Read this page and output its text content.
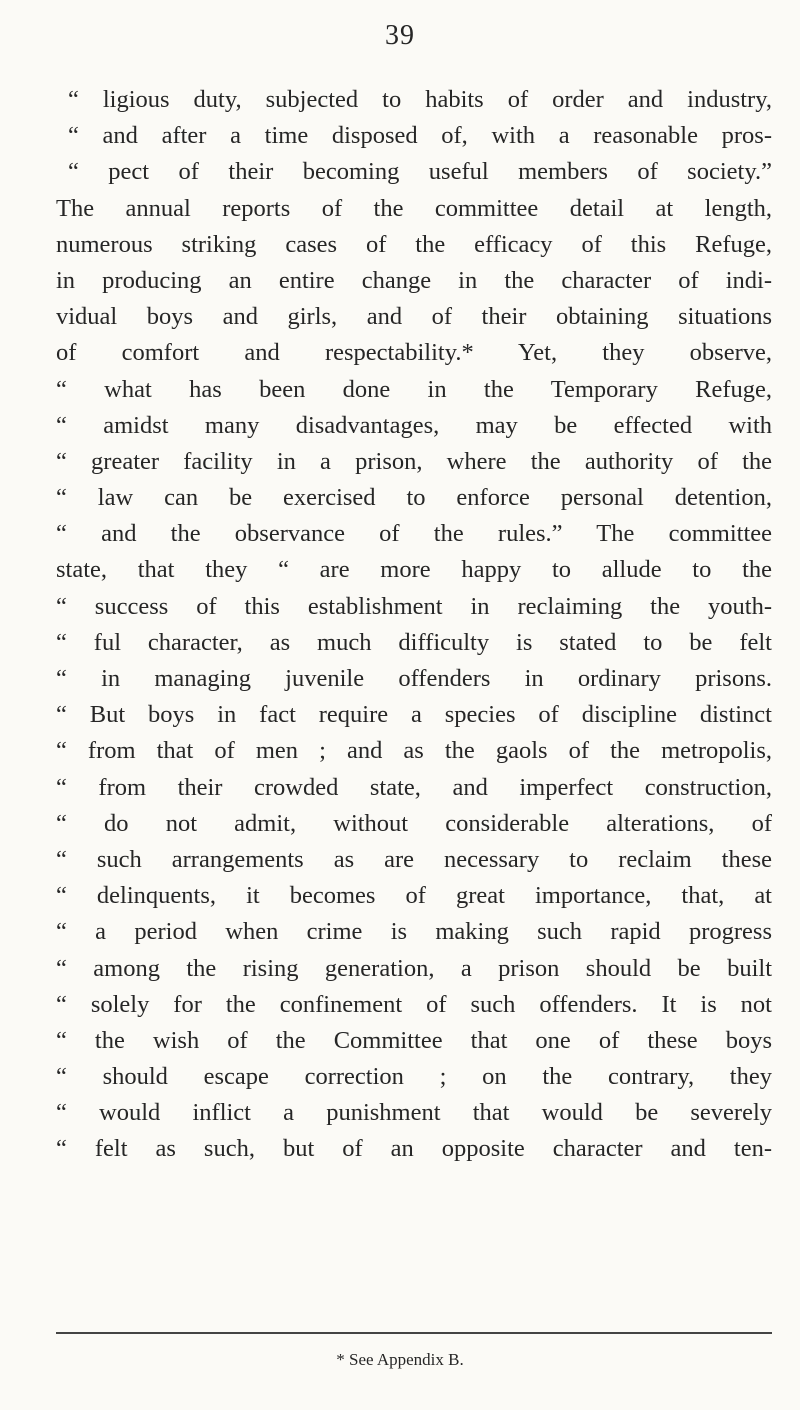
39
“ ligious duty, subjected to habits of order and industry,
“ and after a time disposed of, with a reasonable pros-
“ pect of their becoming useful members of society.”
The annual reports of the committee detail at length,
numerous striking cases of the efficacy of this Refuge,
in producing an entire change in the character of indi-
vidual boys and girls, and of their obtaining situations
of comfort and respectability.* Yet, they observe,
“ what has been done in the Temporary Refuge,
“ amidst many disadvantages, may be effected with
“ greater facility in a prison, where the authority of the
“ law can be exercised to enforce personal detention,
“ and the observance of the rules.” The committee
state, that they “ are more happy to allude to the
“ success of this establishment in reclaiming the youth-
“ ful character, as much difficulty is stated to be felt
“ in managing juvenile offenders in ordinary prisons.
“ But boys in fact require a species of discipline distinct
“ from that of men ; and as the gaols of the metropolis,
“ from their crowded state, and imperfect construction,
“ do not admit, without considerable alterations, of
“ such arrangements as are necessary to reclaim these
“ delinquents, it becomes of great importance, that, at
“ a period when crime is making such rapid progress
“ among the rising generation, a prison should be built
“ solely for the confinement of such offenders. It is not
“ the wish of the Committee that one of these boys
“ should escape correction ; on the contrary, they
“ would inflict a punishment that would be severely
“ felt as such, but of an opposite character and ten-
* See Appendix B.
